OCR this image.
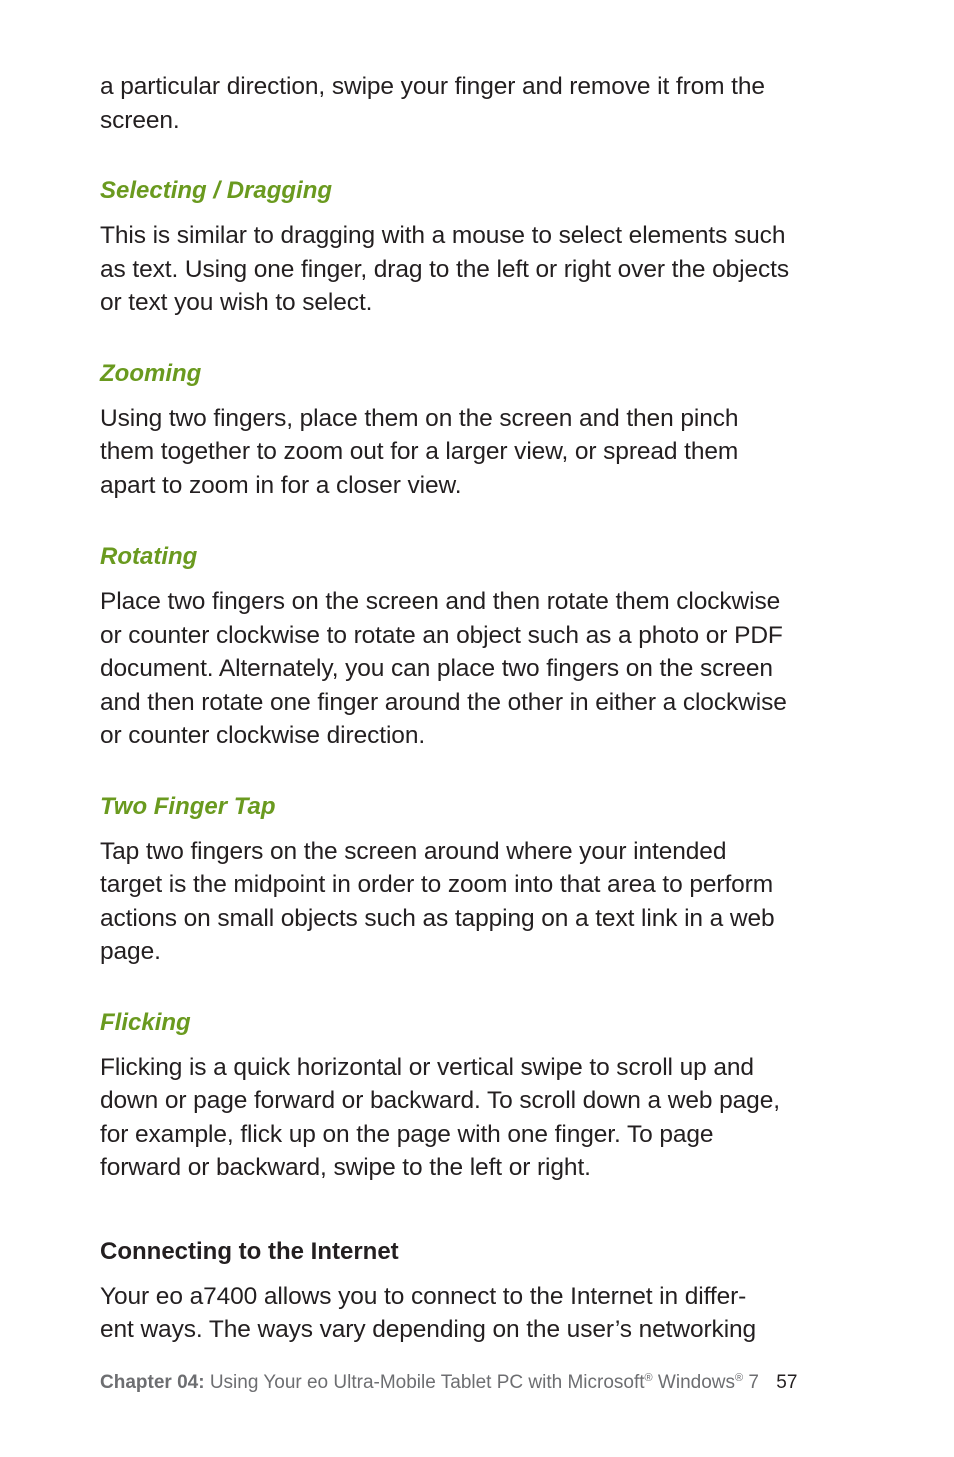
a particular direction, swipe your finger and remove it from the
screen.

Selecting / Dragging

This is similar to dragging with a mouse to select elements such
as text. Using one finger, drag to the left or right over the objects
or text you wish to select.

Zooming

Using two fingers, place them on the screen and then pinch
them together to zoom out for a larger view, or spread them
apart to zoom in for a closer view.

Rotating

Place two fingers on the screen and then rotate them clockwise
or counter clockwise to rotate an object such as a photo or PDF
document. Alternately, you can place two fingers on the screen
and then rotate one finger around the other in either a clockwise
or counter clockwise direction.

Two Finger Tap

Tap two fingers on the screen around where your intended
target is the midpoint in order to zoom into that area to perform
actions on small objects such as tapping on a text link in a web
page.

Flicking

Flicking is a quick horizontal or vertical swipe to scroll up and
down or page forward or backward. To scroll down a web page,
for example, flick up on the page with one finger. To page
forward or backward, swipe to the left or right.

Connecting to the Internet

Your eo a7400 allows you to connect to the Internet in differ-
ent ways. The ways vary depending on the user’s networking

Chapter 04: Using Your eo Ultra-Mobile Tablet PC with Microsoft® Windows® 7 57
